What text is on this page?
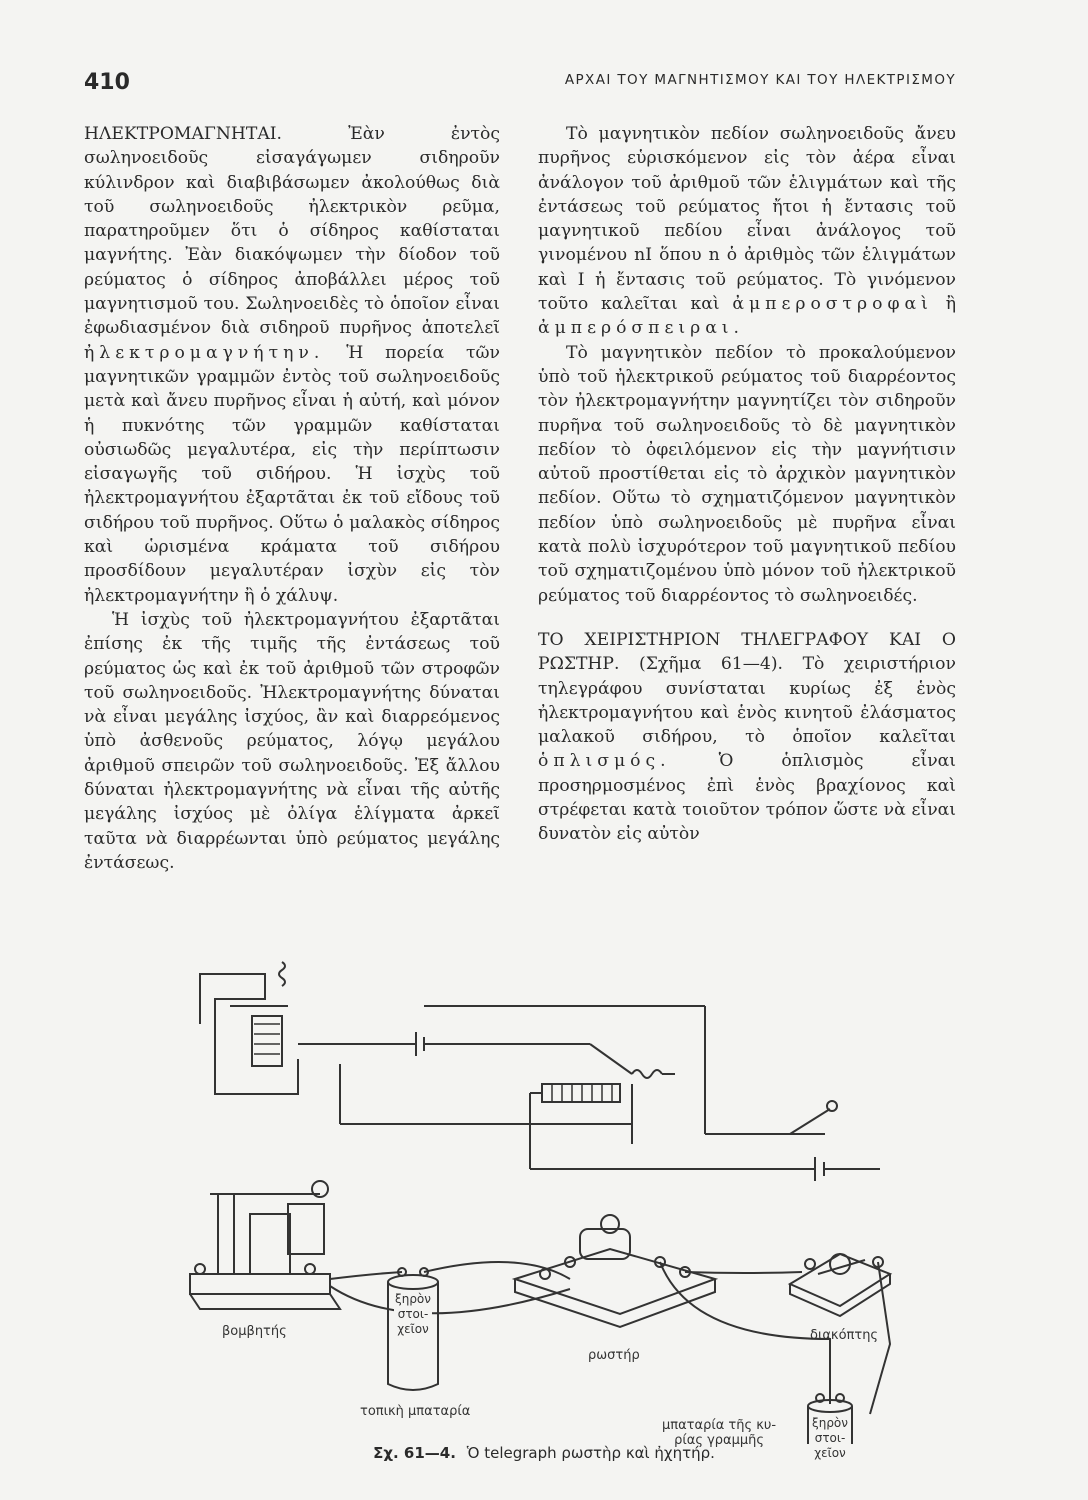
410	ΑΡΧΑΙ ΤΟΥ ΜΑΓΝΗΤΙΣΜΟΥ ΚΑΙ ΤΟΥ ΗΛΕΚΤΡΙΣΜΟΥ

ΗΛΕΚΤΡΟΜΑΓΝΗΤΑΙ.	Ἐὰν ἐντὸς σωληνοειδοῦς εἰσαγάγωμεν σιδηροῦν κύλινδρον καὶ διαβιβάσωμεν ἀκολούθως διὰ τοῦ σωληνοειδοῦς ἠλεκτρικὸν ρεῦμα, παρατηροῦμεν ὅτι ὁ σίδηρος καθίσταται μαγνήτης. Ἐὰν διακόψωμεν τὴν δίοδον τοῦ ρεύματος ὁ σίδηρος ἀποβάλλει μέρος τοῦ μαγνητισμοῦ του. Σωληνοειδὲς τὸ ὁποῖον εἶναι ἐφωδιασμένον διὰ σιδηροῦ πυρῆνος ἀποτελεῖ ἠλεκτρομαγνήτην. Ἡ πορεία τῶν μαγνητικῶν γραμμῶν ἐντὸς τοῦ σωληνοειδοῦς μετὰ καὶ ἄνευ πυρῆνος εἶναι ἡ αὐτή, καὶ μόνον ἡ πυκνότης τῶν γραμμῶν καθίσταται οὐσιωδῶς μεγαλυτέρα, εἰς τὴν περίπτωσιν εἰσαγωγῆς τοῦ σιδήρου. Ἡ ἰσχὺς τοῦ ἠλεκτρομαγνήτου ἐξαρτᾶται ἐκ τοῦ εἴδους τοῦ σιδήρου τοῦ πυρῆνος. Οὕτω ὁ μαλακὸς σίδηρος καὶ ὡρισμένα κράματα τοῦ σιδήρου προσδίδουν μεγαλυτέραν ἰσχὺν εἰς τὸν ἠλεκτρομαγνήτην ἢ ὁ χάλυψ.

Ἡ ἰσχὺς τοῦ ἠλεκτρομαγνήτου ἐξαρτᾶται ἐπίσης ἐκ τῆς τιμῆς τῆς ἐντάσεως τοῦ ρεύματος ὡς καὶ ἐκ τοῦ ἀριθμοῦ τῶν στροφῶν τοῦ σωληνοειδοῦς. Ἠλεκτρομαγνήτης δύναται νὰ εἶναι μεγάλης ἰσχύος, ἂν καὶ διαρρεόμενος ὑπὸ ἀσθενοῦς ρεύματος, λόγῳ μεγάλου ἀριθμοῦ σπειρῶν τοῦ σωληνοειδοῦς. Ἐξ ἄλλου δύναται ἠλεκτρομαγνήτης νὰ εἶναι τῆς αὐτῆς μεγάλης ἰσχύος μὲ ὀλίγα ἑλίγματα ἀρκεῖ ταῦτα νὰ διαρρέωνται ὑπὸ ρεύματος μεγάλης ἐντάσεως.

Τὸ μαγνητικὸν πεδίον σωληνοειδοῦς ἄνευ πυρῆνος εὑρισκόμενον εἰς τὸν ἀέρα εἶναι ἀνάλογον τοῦ ἀριθμοῦ τῶν ἑλιγμάτων καὶ τῆς ἐντάσεως τοῦ ρεύματος ἤτοι ἡ ἔντασις τοῦ μαγνητικοῦ πεδίου εἶναι ἀνάλογος τοῦ γινομένου nI ὅπου n ὁ ἀριθμὸς τῶν ἑλιγμάτων καὶ I ἡ ἔντασις τοῦ ρεύματος. Τὸ γινόμενον τοῦτο καλεῖται καὶ ἀμπεροστροφαὶ ἢ ἀμπερόσπειραι.

Τὸ μαγνητικὸν πεδίον τὸ προκαλούμενον ὑπὸ τοῦ ἠλεκτρικοῦ ρεύματος τοῦ διαρρέοντος τὸν ἠλεκτρομαγνήτην μαγνητίζει τὸν σιδηροῦν πυρῆνα τοῦ σωληνοειδοῦς τὸ δὲ μαγνητικὸν πεδίον τὸ ὀφειλόμενον εἰς τὴν μαγνήτισιν αὐτοῦ προστίθεται εἰς τὸ ἀρχικὸν μαγνητικὸν πεδίον. Οὕτω τὸ σχηματιζόμενον μαγνητικὸν πεδίον ὑπὸ σωληνοειδοῦς μὲ πυρῆνα εἶναι κατὰ πολὺ ἰσχυρότερον τοῦ μαγνητικοῦ πεδίου τοῦ σχηματιζομένου ὑπὸ μόνον τοῦ ἠλεκτρικοῦ ρεύματος τοῦ διαρρέοντος τὸ σωληνοειδές.

ΤΟ ΧΕΙΡΙΣΤΗΡΙΟΝ ΤΗΛΕΓΡΑΦΟΥ ΚΑΙ Ο ΡΩΣΤΗΡ. (Σχῆμα 61—4). Τὸ χειριστήριον τηλεγράφου συνίσταται κυρίως ἐξ ἑνὸς ἠλεκτρομαγνήτου καὶ ἑνὸς κινητοῦ ἐλάσματος μαλακοῦ σιδήρου, τὸ ὁποῖον καλεῖται ὁπλισμός.	Ὁ ὁπλισμὸς εἶναι προσηρμοσμένος ἐπὶ ἑνὸς βραχίονος καὶ στρέφεται κατὰ τοιοῦτον τρόπον ὥστε νὰ εἶναι δυνατὸν εἰς αὐτὸν

βομβητής
ξηρὸν
στοι-
χεῖον
τοπικὴ μπαταρία
ρωστήρ
διακόπτης
μπαταρία τῆς κυ-
ρίας γραμμῆς
ξηρὸν
στοι-
χεῖον
Σχ. 61—4. Ὁ telegraph ρωστὴρ καὶ ἠχητήρ.
